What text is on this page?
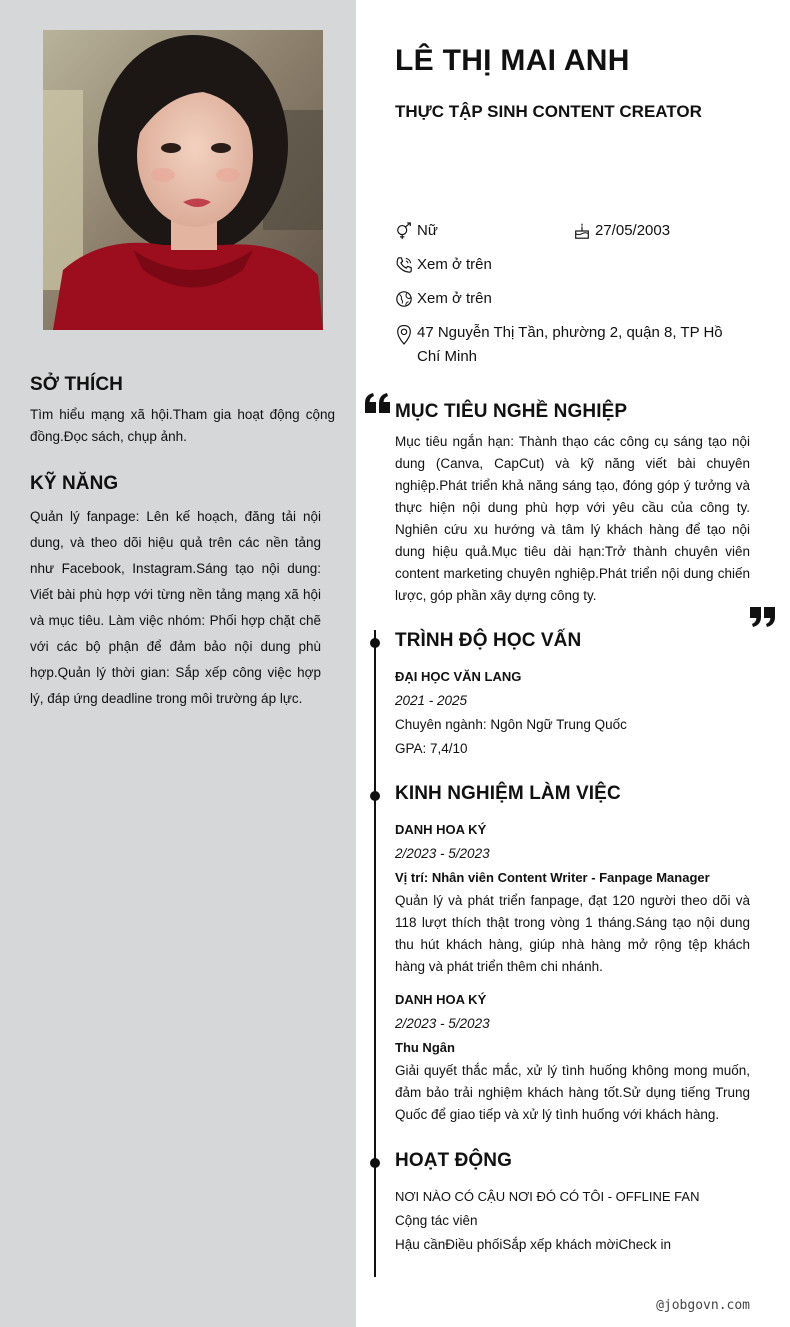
SỞ THÍCH
Tìm hiểu mạng xã hội.Tham gia hoạt động cộng đồng.Đọc sách, chụp ảnh.
KỸ NĂNG
Quản lý fanpage: Lên kế hoạch, đăng tải nội dung, và theo dõi hiệu quả trên các nền tảng như Facebook, Instagram.Sáng tạo nội dung: Viết bài phù hợp với từng nền tảng mạng xã hội và mục tiêu. Làm việc nhóm: Phối hợp chặt chẽ với các bộ phận để đảm bảo nội dung phù hợp.Quản lý thời gian: Sắp xếp công việc hợp lý, đáp ứng deadline trong môi trường áp lực.
LÊ THỊ MAI ANH
THỰC TẬP SINH CONTENT CREATOR
Nữ	27/05/2003
Xem ở trên
Xem ở trên
47 Nguyễn Thị Tần, phường 2, quận 8, TP Hồ Chí Minh
MỤC TIÊU NGHỀ NGHIỆP
Mục tiêu ngắn hạn: Thành thạo các công cụ sáng tạo nội dung (Canva, CapCut) và kỹ năng viết bài chuyên nghiệp.Phát triển khả năng sáng tạo, đóng góp ý tưởng và thực hiện nội dung phù hợp với yêu cầu của công ty. Nghiên cứu xu hướng và tâm lý khách hàng để tạo nội dung hiệu quả.Mục tiêu dài hạn:Trở thành chuyên viên content marketing chuyên nghiệp.Phát triển nội dung chiến lược, góp phần xây dựng công ty.
TRÌNH ĐỘ HỌC VẤN
ĐẠI HỌC VĂN LANG
2021 - 2025
Chuyên ngành: Ngôn Ngữ Trung Quốc
GPA: 7,4/10
KINH NGHIỆM LÀM VIỆC
DANH HOA KÝ
2/2023 - 5/2023
Vị trí: Nhân viên Content Writer - Fanpage Manager
Quản lý và phát triển fanpage, đạt 120 người theo dõi và 118 lượt thích thật trong vòng 1 tháng.Sáng tạo nội dung thu hút khách hàng, giúp nhà hàng mở rộng tệp khách hàng và phát triển thêm chi nhánh.
DANH HOA KÝ
2/2023 - 5/2023
Thu Ngân
Giải quyết thắc mắc, xử lý tình huống không mong muốn, đảm bảo trải nghiệm khách hàng tốt.Sử dụng tiếng Trung Quốc để giao tiếp và xử lý tình huống với khách hàng.
HOẠT ĐỘNG
NƠI NÀO CÓ CẬU NƠI ĐÓ CÓ TÔI - OFFLINE FAN
Cộng tác viên
Hậu cầnĐiều phốiSắp xếp khách mờiCheck in
@jobgovn.com
